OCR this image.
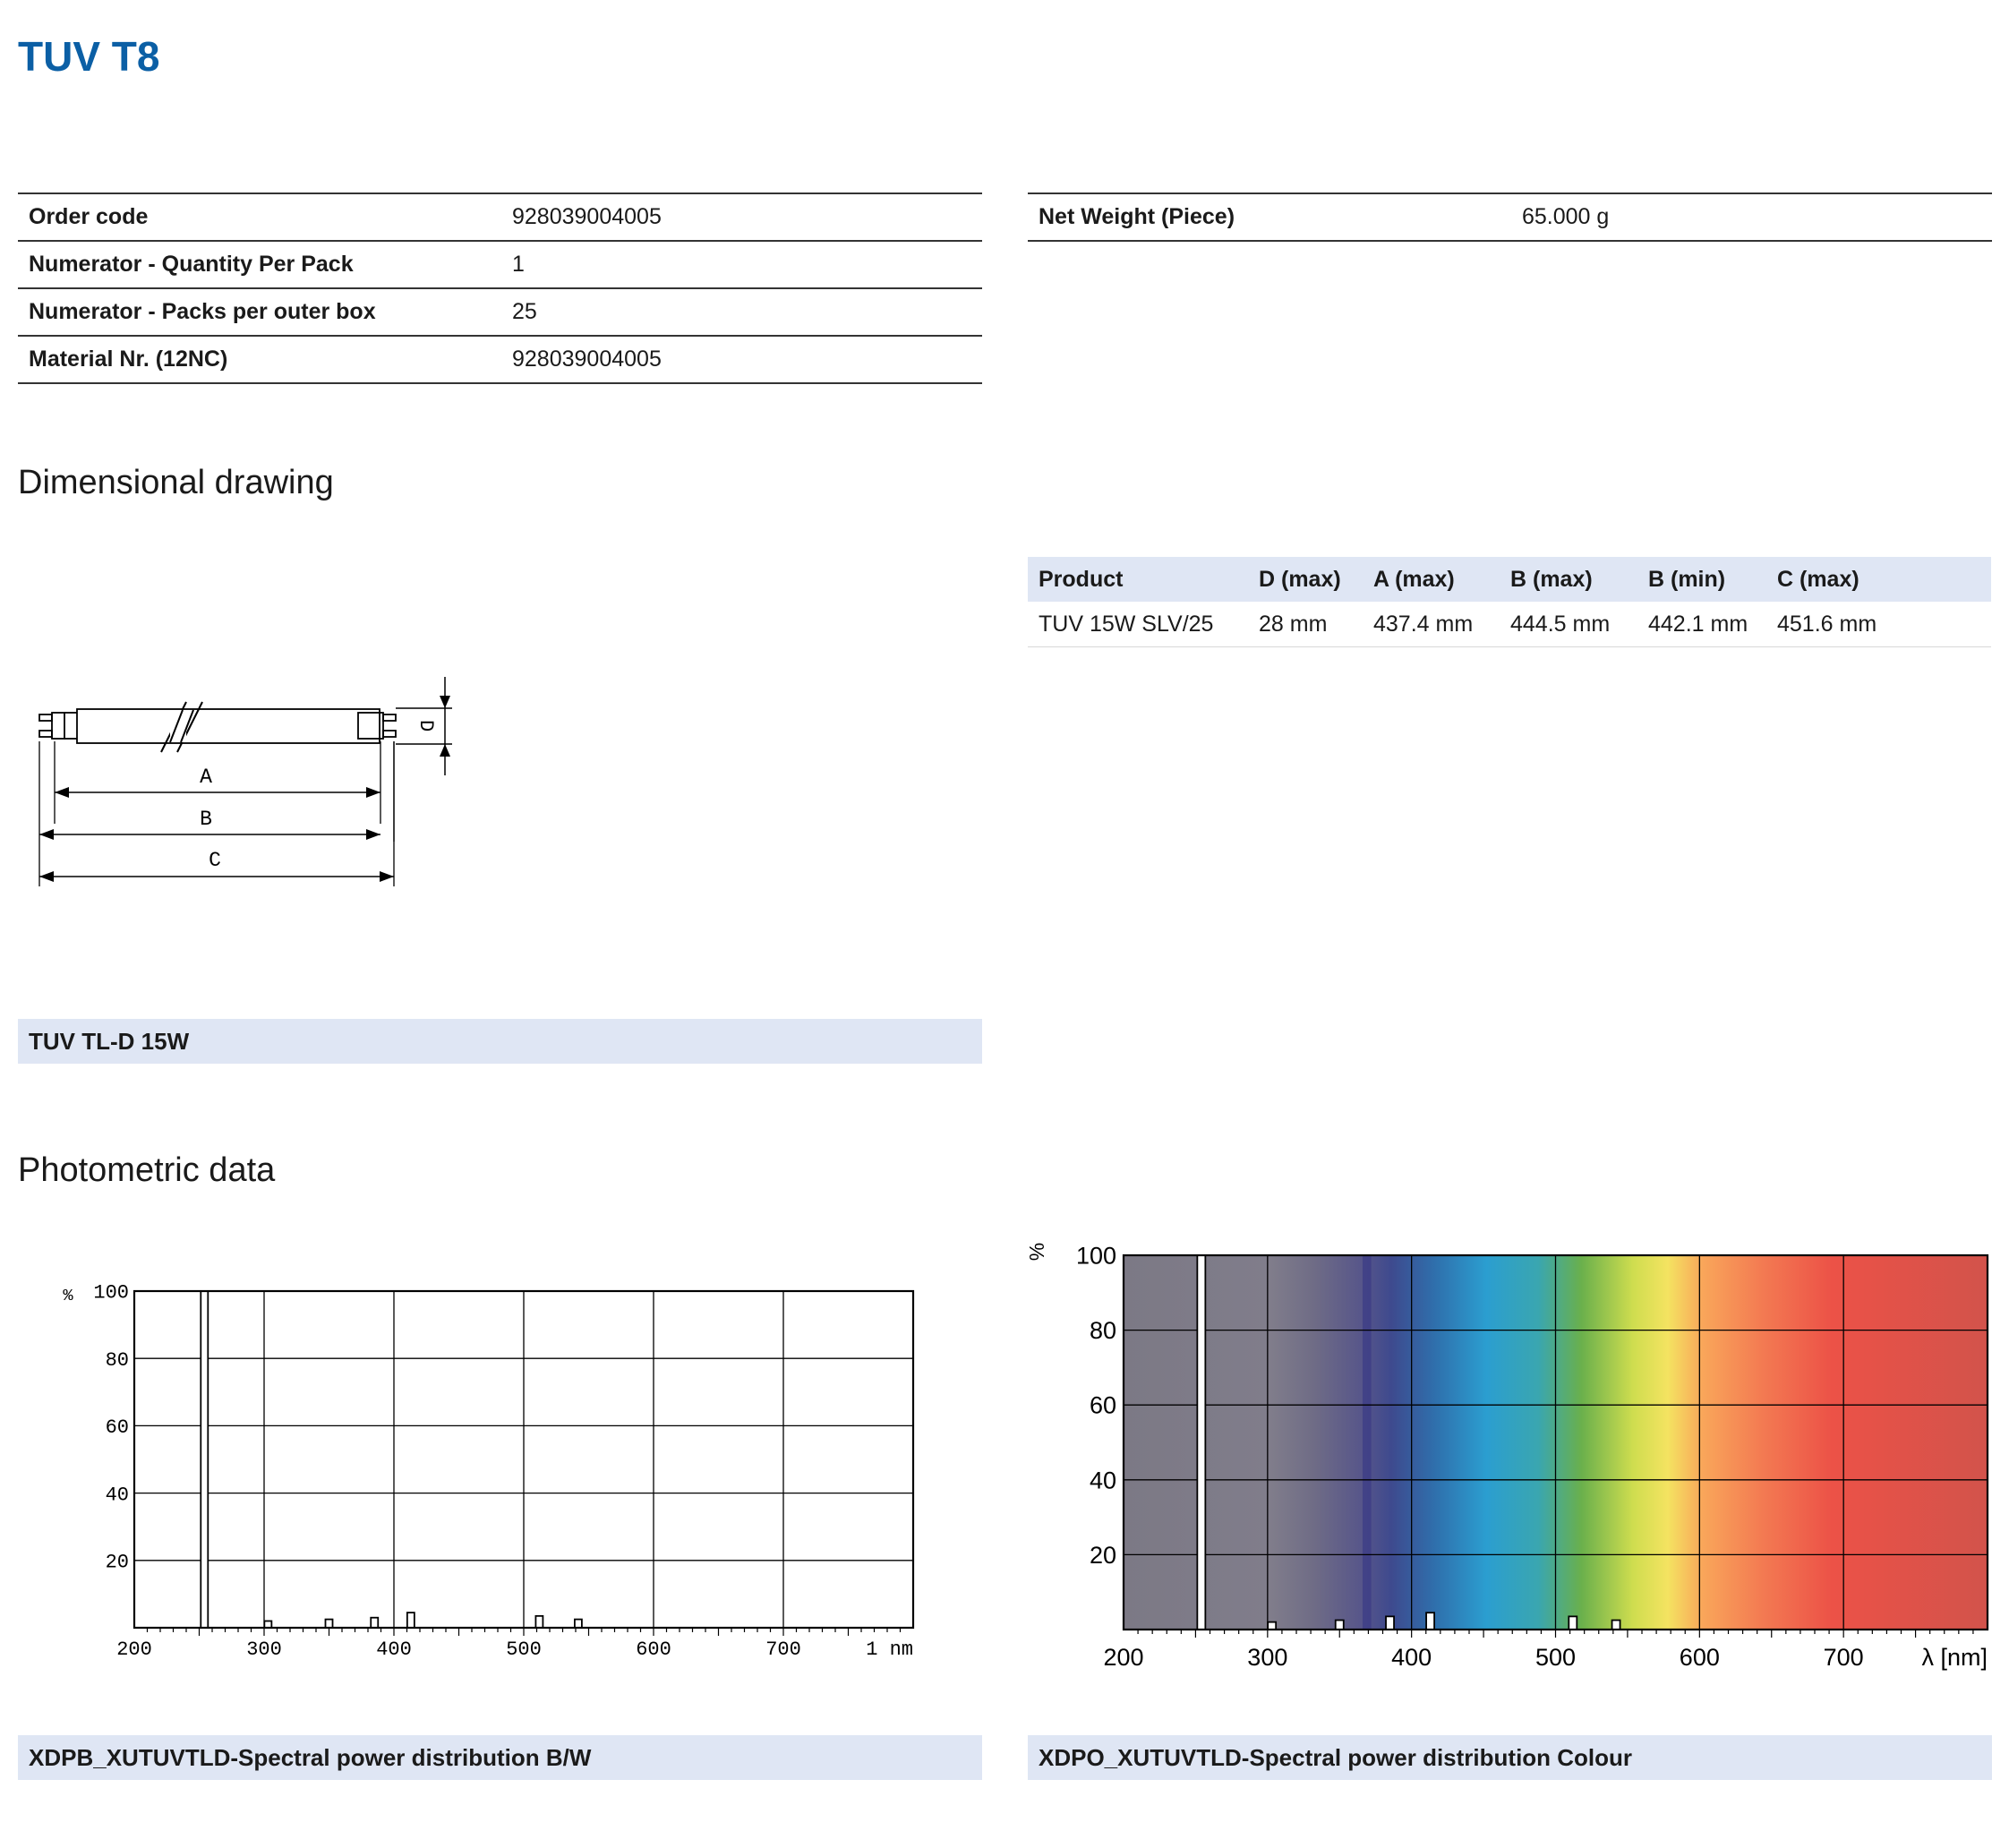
TUV T8
Order code	928039004005
Numerator - Quantity Per Pack	1
Numerator - Packs per outer box	25
Material Nr. (12NC)	928039004005
Net Weight (Piece)	65.000 g
Dimensional drawing
D
A
B
C
Product	D (max)	A (max)	B (max)	B (min)	C (max)
TUV 15W SLV/25	28 mm	437.4 mm	444.5 mm	442.1 mm	451.6 mm
TUV TL-D 15W
Photometric data
200	300	400	500	600	700	1 nm
20
40
60
80
100
%
200	300	400	500	600	700 λ [nm]
20
40
60
80
100
%
XDPB_XUTUVTLD-Spectral power distribution B/W	XDPO_XUTUVTLD-Spectral power distribution Colour
